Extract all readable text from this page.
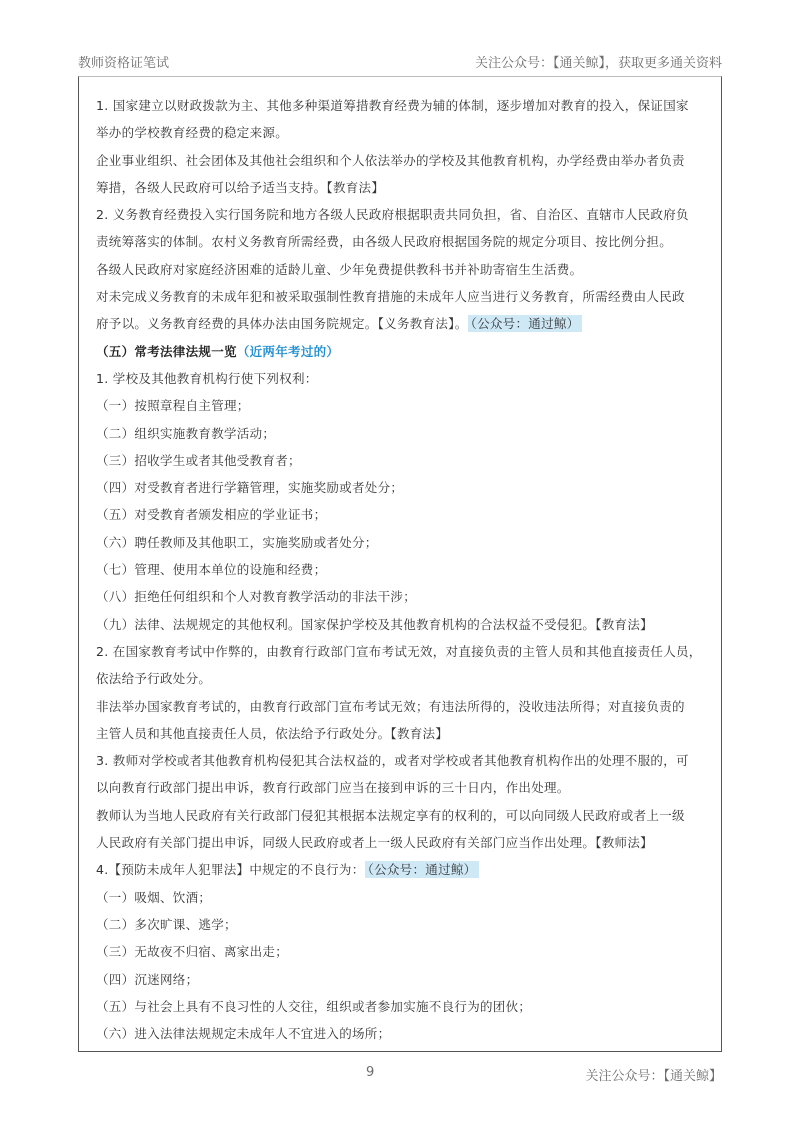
教师资格证笔试	关注公众号：【通关鲸】，获取更多通关资料

1. 国家建立以财政拨款为主、其他多种渠道筹措教育经费为辅的体制，逐步增加对教育的投入，保证国家

举办的学校教育经费的稳定来源。

企业事业组织、社会团体及其他社会组织和个人依法举办的学校及其他教育机构，办学经费由举办者负责

筹措，各级人民政府可以给予适当支持。【教育法】

2. 义务教育经费投入实行国务院和地方各级人民政府根据职责共同负担，省、自治区、直辖市人民政府负

责统筹落实的体制。农村义务教育所需经费，由各级人民政府根据国务院的规定分项目、按比例分担。

各级人民政府对家庭经济困难的适龄儿童、少年免费提供教科书并补助寄宿生生活费。

对未完成义务教育的未成年犯和被采取强制性教育措施的未成年人应当进行义务教育，所需经费由人民政

府予以。义务教育经费的具体办法由国务院规定。【义务教育法】。 （公众号：通过鲸）

（五）常考法律法规一览（近两年考过的）

1. 学校及其他教育机构行使下列权利：

（一）按照章程自主管理；

（二）组织实施教育教学活动；

（三）招收学生或者其他受教育者；

（四）对受教育者进行学籍管理，实施奖励或者处分；

（五）对受教育者颁发相应的学业证书；

（六）聘任教师及其他职工，实施奖励或者处分；

（七）管理、使用本单位的设施和经费；

（八）拒绝任何组织和个人对教育教学活动的非法干涉；

（九）法律、法规规定的其他权利。国家保护学校及其他教育机构的合法权益不受侵犯。【教育法】

2. 在国家教育考试中作弊的，由教育行政部门宣布考试无效，对直接负责的主管人员和其他直接责任人员，

依法给予行政处分。

非法举办国家教育考试的，由教育行政部门宣布考试无效；有违法所得的，没收违法所得；对直接负责的

主管人员和其他直接责任人员，依法给予行政处分。【教育法】

3. 教师对学校或者其他教育机构侵犯其合法权益的，或者对学校或者其他教育机构作出的处理不服的，可

以向教育行政部门提出申诉，教育行政部门应当在接到申诉的三十日内，作出处理。

教师认为当地人民政府有关行政部门侵犯其根据本法规定享有的权利的，可以向同级人民政府或者上一级

人民政府有关部门提出申诉，同级人民政府或者上一级人民政府有关部门应当作出处理。【教师法】

4.【预防未成年人犯罪法】中规定的不良行为： （公众号：通过鲸）

（一）吸烟、饮酒；

（二）多次旷课、逃学；

（三）无故夜不归宿、离家出走；

（四）沉迷网络；

（五）与社会上具有不良习性的人交往，组织或者参加实施不良行为的团伙；

（六）进入法律法规规定未成年人不宜进入的场所；

9	关注公众号：【通关鲸】
